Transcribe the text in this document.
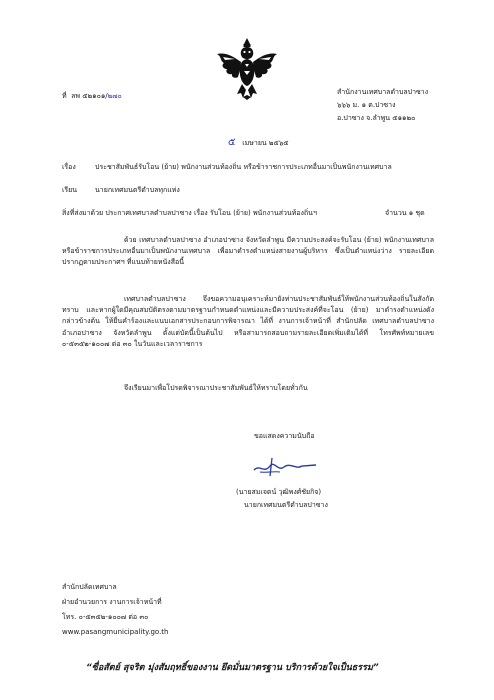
ที่ ลพ ๕๒๑๐๑/๒๗๐	สำนักงานเทศบาลตำบลปาซาง
๖๖๖ ม. ๑ ต.ปาซาง
อ.ปาซาง จ.ลำพูน ๕๑๑๒๐
๕ เมษายน ๒๕๖๕
เรื่อง	ประชาสัมพันธ์รับโอน (ย้าย) พนักงานส่วนท้องถิ่น หรือข้าราชการประเภทอื่นมาเป็นพนักงานเทศบาล
เรียน	นายกเทศมนตรีตำบลทุกแห่ง
สิ่งที่ส่งมาด้วย ประกาศเทศบาลตำบลปาซาง เรื่อง รับโอน (ย้าย) พนักงานส่วนท้องถิ่นฯ	จำนวน ๑ ชุด
ด้วย เทศบาลตำบลปาซาง อำเภอปาซาง จังหวัดลำพูน มีความประสงค์จะรับโอน (ย้าย) พนักงานเทศบาล หรือข้าราชการประเภทอื่นมาเป็นพนักงานเทศบาล เพื่อมาดำรงตำแหน่งสายงานผู้บริหาร ซึ่งเป็นตำแหน่งว่าง รายละเอียดปรากฏตามประกาศฯ ที่แนบท้ายหนังสือนี้
เทศบาลตำบลปาซาง จึงขอความอนุเคราะห์มายังท่านประชาสัมพันธ์ให้พนักงานส่วนท้องถิ่นในสังกัดทราบ และหากผู้ใดมีคุณสมบัติตรงตามมาตรฐานกำหนดตำแหน่งและมีความประสงค์ที่จะโอน (ย้าย) มาดำรงตำแหน่งดังกล่าวข้างต้น ให้ยื่นคำร้องและแนบเอกสารประกอบการพิจารณา ได้ที่ งานการเจ้าหน้าที่ สำนักปลัด เทศบาลตำบลปาซาง อำเภอปาซาง จังหวัดลำพูน ตั้งแต่บัดนี้เป็นต้นไป หรือสามารถสอบถามรายละเอียดเพิ่มเติมได้ที่ โทรศัพท์หมายเลข ๐-๕๓๕๒-๑๐๐๗ ต่อ ๓๐ ในวันและเวลาราชการ
จึงเรียนมาเพื่อโปรดพิจารณาประชาสัมพันธ์ให้ทราบโดยทั่วกัน
ขอแสดงความนับถือ
(นายสมเจตน์ วุฒิพงศ์ชัยกิจ)
นายกเทศมนตรีตำบลปาซาง
สำนักปลัดเทศบาล
ฝ่ายอำนวยการ งานการเจ้าหน้าที่
โทร. ๐-๕๓๕๒-๑๐๐๗ ต่อ ๓๐
www.pasangmunicipality.go.th
“ซื่อสัตย์ สุจริต มุ่งสัมฤทธิ์ของงาน ยึดมั่นมาตรฐาน บริการด้วยใจเป็นธรรม”
